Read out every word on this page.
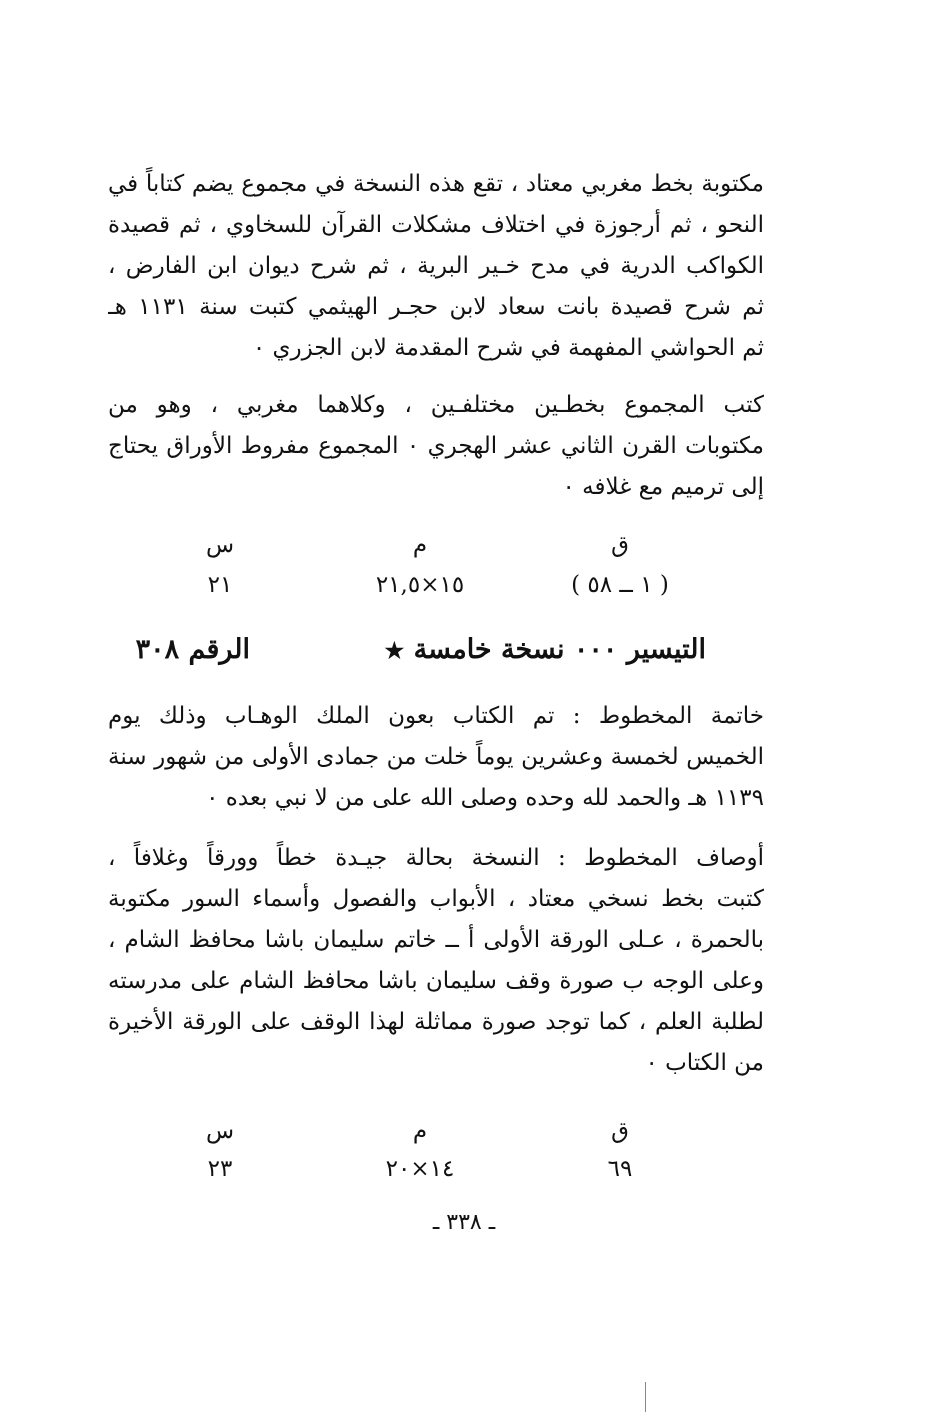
مكتوبة بخط مغربي معتاد ، تقع هذه النسخة في مجموع يضم كتاباً في
النحو ، ثم أرجوزة في اختلاف مشكلات القرآن للسخاوي ، ثم قصيدة
الكواكب الدرية في مدح خـير البرية ، ثم شرح ديوان ابن الفارض ،
ثم شرح قصيدة بانت سعاد لابن حجـر الهيثمي كتبت سنة ١١٣١ هـ
ثم الحواشي المفهمة في شرح المقدمة لابن الجزري ٠
كتب المجموع بخطـين مختلفـين ، وكلاهما مغربي ، وهو من
مكتوبات القرن الثاني عشر الهجري ٠ المجموع مفروط الأوراق يحتاج
إلى ترميم مع غلافه ٠
ق
م
س
( ١ ــ ٥٨ )
١٥×٢١,٥
٢١
التيسير ٠٠٠ نسخة خامسة ★
الرقم ٣٠٨
خاتمة المخطوط : تم الكتاب بعون الملك الوهـاب وذلك يوم
الخميس لخمسة وعشرين يوماً خلت من جمادى الأولى من شهور سنة
١١٣٩ هـ والحمد لله وحده وصلى الله على من لا نبي بعده ٠
أوصاف المخطوط : النسخة بحالة جيـدة خطاً وورقاً وغلافاً ،
كتبت بخط نسخي معتاد ، الأبواب والفصول وأسماء السور مكتوبة
بالحمرة ، عـلى الورقة الأولى أ ــ خاتم سليمان باشا محافظ الشام ،
وعلى الوجه ب صورة وقف سليمان باشا محافظ الشام على مدرسته
لطلبة العلم ، كما توجد صورة مماثلة لهذا الوقف على الورقة الأخيرة
من الكتاب ٠
ق
م
س
٦٩
١٤×٢٠
٢٣
ـ ٣٣٨ ـ
